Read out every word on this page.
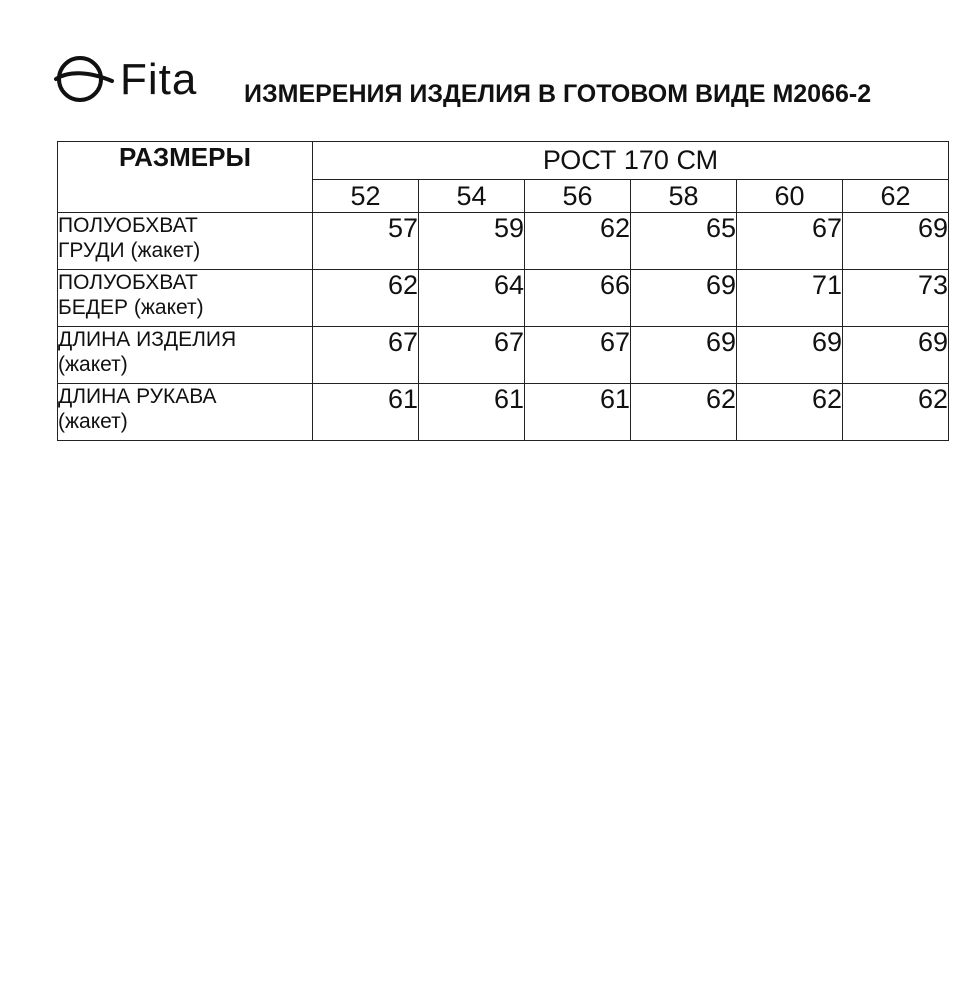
Fita ИЗМЕРЕНИЯ ИЗДЕЛИЯ В ГОТОВОМ ВИДЕ М2066-2
РАЗМЕРЫ	РОСТ 170 СМ					
	52	54	56	58	60	62
ПОЛУОБХВАТ
ГРУДИ (жакет)	57	59	62	65	67	69
ПОЛУОБХВАТ
БЕДЕР (жакет)	62	64	66	69	71	73
ДЛИНА ИЗДЕЛИЯ
(жакет)	67	67	67	69	69	69
ДЛИНА РУКАВА
(жакет)	61	61	61	62	62	62
